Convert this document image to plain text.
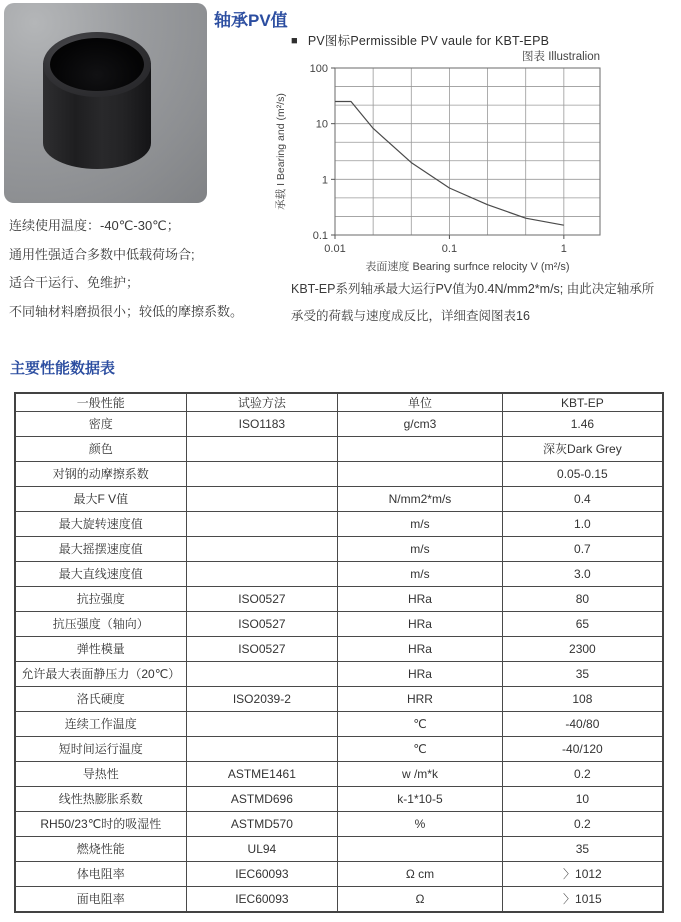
轴承PV值
■ PV图标Permissible PV vaule for KBT-EPB
0.01	0.1	1
100
10
1
0.1
图表 Illustralion
表面速度 Bearing surfnce relocity V (m²/s)
承载 I Bearing and (m²/s)
连续使用温度：-40℃-30℃；
通用性强适合多数中低载荷场合;
适合干运行、免维护；
不同轴材料磨损很小；较低的摩擦系数。
KBT-EP系列轴承最大运行PV值为0.4N/mm2*m/s; 由此决定轴承所
承受的荷载与速度成反比，详细查阅图表16
主要性能数据表
一般性能	试验方法	单位	KBT-EP
密度	ISO1183	g/cm3	1.46
颜色			深灰Dark Grey
对钢的动摩擦系数			0.05-0.15
最大F V值		N/mm2*m/s	0.4
最大旋转速度值		m/s	1.0
最大摇摆速度值		m/s	0.7
最大直线速度值		m/s	3.0
抗拉强度	ISO0527	HRa	80
抗压强度（轴向）	ISO0527	HRa	65
弹性模量	ISO0527	HRa	2300
允许最大表面静压力（20℃）		HRa	35
洛氏硬度	ISO2039-2	HRR	108
连续工作温度		℃	-40/80
短时间运行温度		℃	-40/120
导热性	ASTME1461	w /m*k	0.2
线性热膨胀系数	ASTMD696	k-1*10-5	10
RH50/23℃时的吸湿性	ASTMD570	%	0.2
燃烧性能	UL94		35
体电阻率	IEC60093	Ω cm	〉1012
面电阻率	IEC60093	Ω	〉1015
